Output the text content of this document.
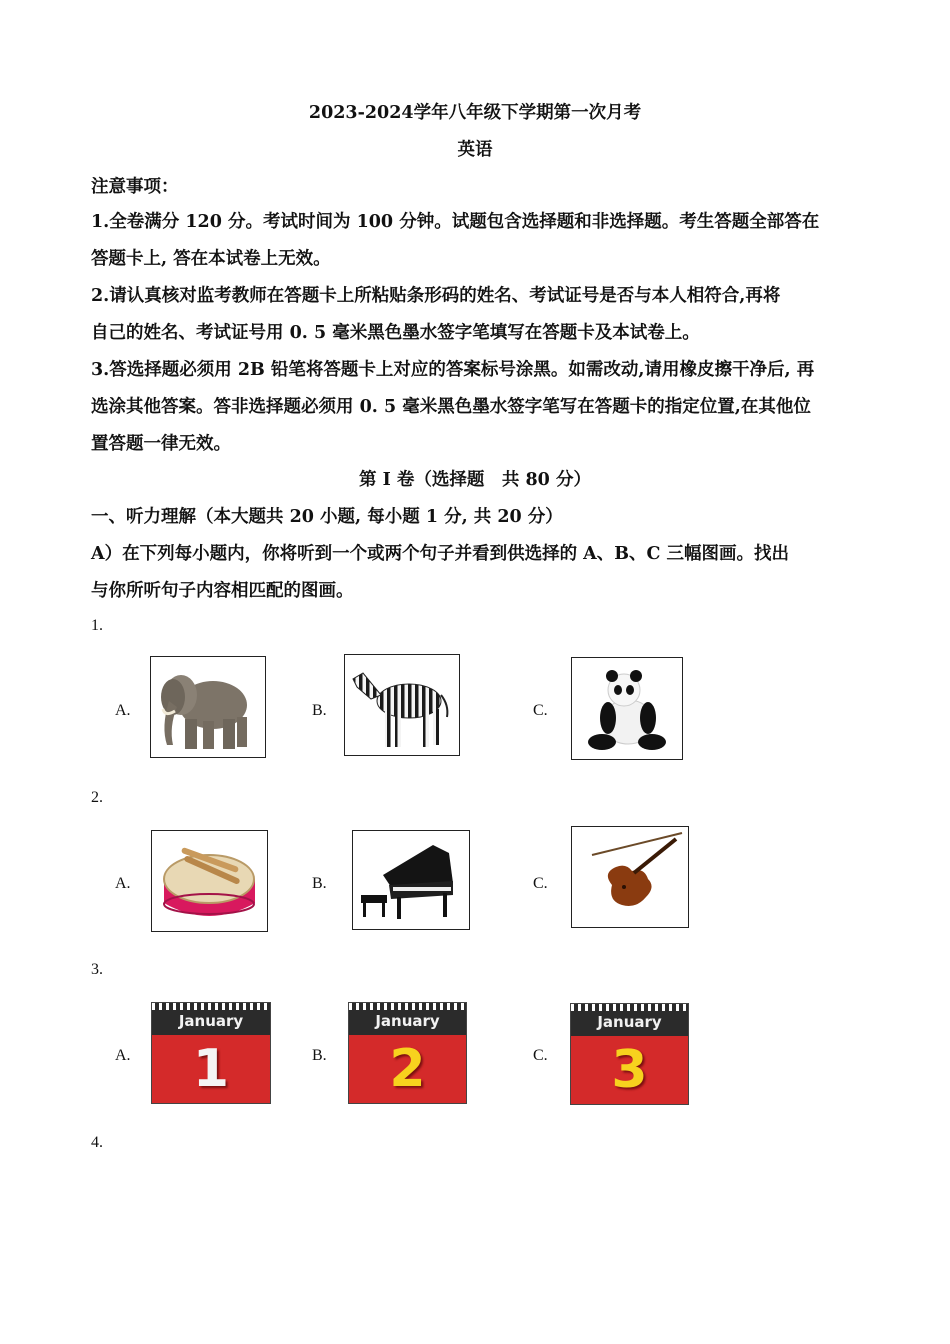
2023-2024学年八年级下学期第一次月考
英语
注意事项：
1.全卷满分 120 分。考试时间为 100 分钟。试题包含选择题和非选择题。考生答题全部答在
答题卡上, 答在本试卷上无效。
2.请认真核对监考教师在答题卡上所粘贴条形码的姓名、考试证号是否与本人相符合,再将
自己的姓名、考试证号用 0. 5 毫米黑色墨水签字笔填写在答题卡及本试卷上。
3.答选择题必须用 2B 铅笔将答题卡上对应的答案标号涂黑。如需改动,请用橡皮擦干净后, 再
选涂其他答案。答非选择题必须用 0. 5 毫米黑色墨水签字笔写在答题卡的指定位置,在其他位
置答题一律无效。
第 I 卷（选择题　共 80 分）
一、听力理解（本大题共 20 小题, 每小题 1 分, 共 20 分）
A）在下列每小题内，你将听到一个或两个句子并看到供选择的 A、B、C 三幅图画。找出
与你所听句子内容相匹配的图画。
1.
A.	B.	C.
2.
A.	B.	C.
3.
A.
January
1	B.
January
2	C.
January
3
4.
